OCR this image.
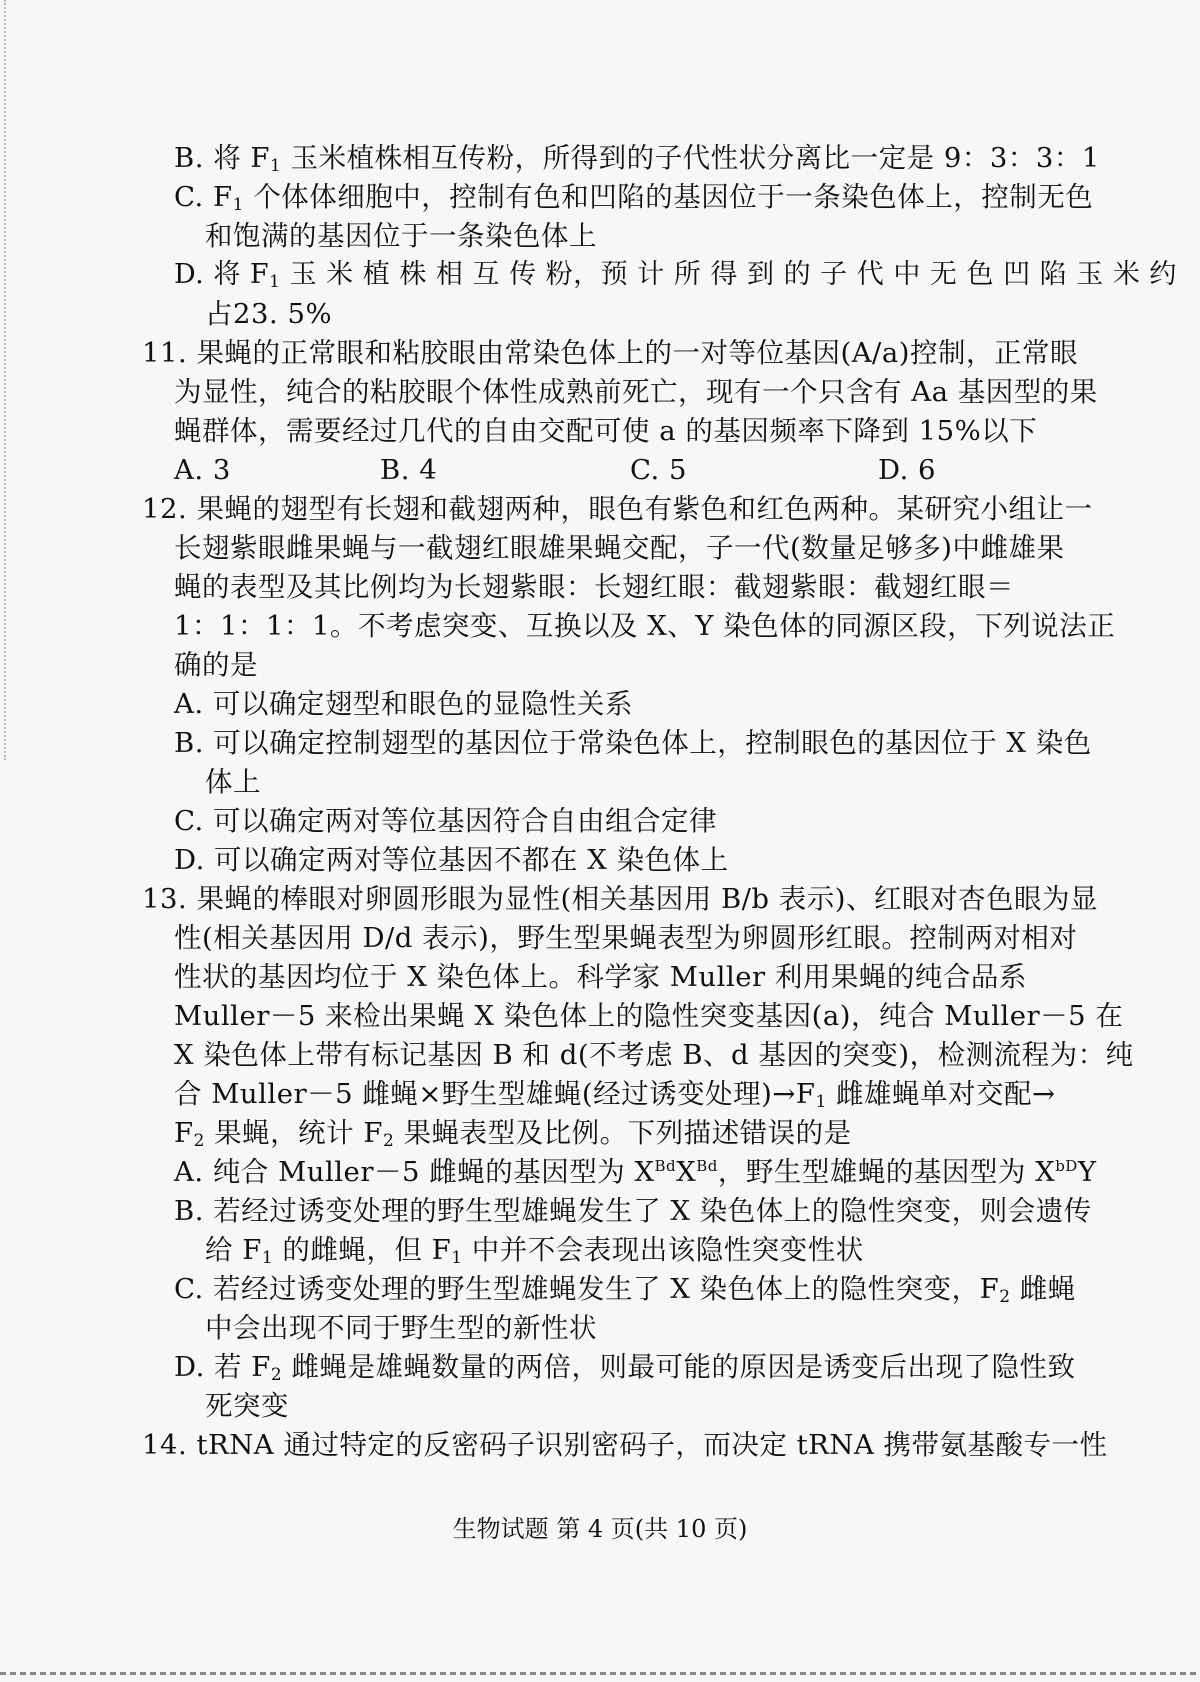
B. 将 $F_1$ 玉米植株相互传粉，所得到的子代性状分离比一定是 9：3：3：1
C. $F_1$ 个体体细胞中，控制有色和凹陷的基因位于一条染色体上，控制无色
和饱满的基因位于一条染色体上
D. 将 $F_1$ 玉 米 植 株 相 互 传 粉，预 计 所 得 到 的 子 代 中 无 色 凹 陷 玉 米 约
占23. 5%
11. 果蝇的正常眼和粘胶眼由常染色体上的一对等位基因(A/a)控制，正常眼
为显性，纯合的粘胶眼个体性成熟前死亡，现有一个只含有 Aa 基因型的果
蝇群体，需要经过几代的自由交配可使 a 的基因频率下降到 15%以下
A. 3	B. 4	C. 5	D. 6
12. 果蝇的翅型有长翅和截翅两种，眼色有紫色和红色两种。某研究小组让一
长翅紫眼雌果蝇与一截翅红眼雄果蝇交配，子一代(数量足够多)中雌雄果
蝇的表型及其比例均为长翅紫眼：长翅红眼：截翅紫眼：截翅红眼＝
1：1：1：1。不考虑突变、互换以及 X、Y 染色体的同源区段，下列说法正
确的是
A. 可以确定翅型和眼色的显隐性关系
B. 可以确定控制翅型的基因位于常染色体上，控制眼色的基因位于 X 染色
体上
C. 可以确定两对等位基因符合自由组合定律
D. 可以确定两对等位基因不都在 X 染色体上
13. 果蝇的棒眼对卵圆形眼为显性(相关基因用 B/b 表示)、红眼对杏色眼为显
性(相关基因用 D/d 表示)，野生型果蝇表型为卵圆形红眼。控制两对相对
性状的基因均位于 X 染色体上。科学家 Muller 利用果蝇的纯合品系
Muller－5 来检出果蝇 X 染色体上的隐性突变基因(a)，纯合 Muller－5 在
X 染色体上带有标记基因 B 和 d(不考虑 B、d 基因的突变)，检测流程为：纯
合 Muller－5 雌蝇×野生型雄蝇(经过诱变处理)$\to F_1$ 雌雄蝇单对交配→
$F_2$ 果蝇，统计 $F_2$ 果蝇表型及比例。下列描述错误的是
A. 纯合 Muller－5 雌蝇的基因型为 $X^{Bd}X^{Bd}$，野生型雄蝇的基因型为 $X^{bD}Y$
B. 若经过诱变处理的野生型雄蝇发生了 X 染色体上的隐性突变，则会遗传
给 $F_1$ 的雌蝇，但 $F_1$ 中并不会表现出该隐性突变性状
C. 若经过诱变处理的野生型雄蝇发生了 X 染色体上的隐性突变，$F_2$ 雌蝇
中会出现不同于野生型的新性状
D. 若 $F_2$ 雌蝇是雄蝇数量的两倍，则最可能的原因是诱变后出现了隐性致
死突变
14. tRNA 通过特定的反密码子识别密码子，而决定 tRNA 携带氨基酸专一性
生物试题 第 4 页(共 10 页)
